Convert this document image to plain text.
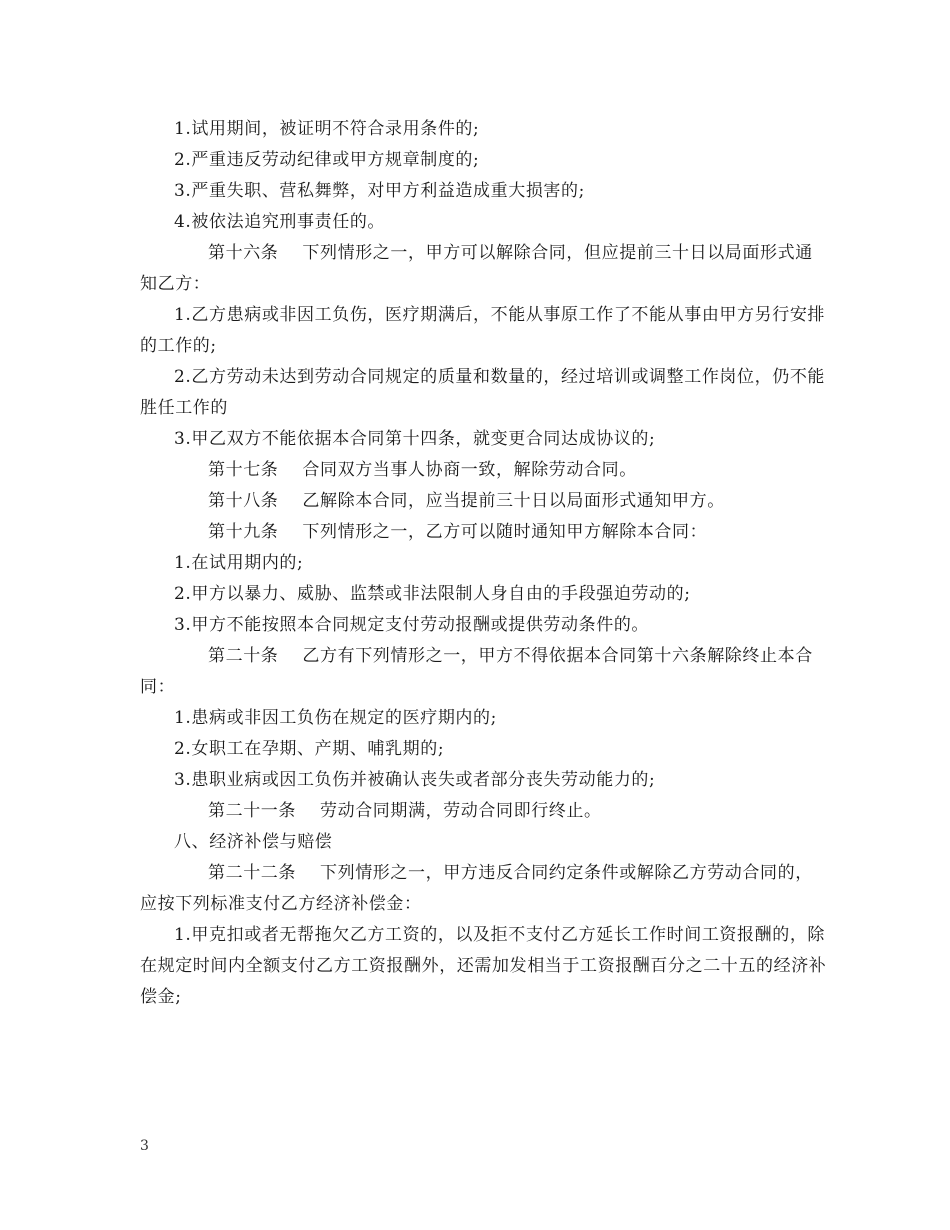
1.试用期间，被证明不符合录用条件的;

2.严重违反劳动纪律或甲方规章制度的;

3.严重失职、营私舞弊，对甲方利益造成重大损害的;

4.被依法追究刑事责任的。

第十六条 下列情形之一，甲方可以解除合同，但应提前三十日以局面形式通知乙方：

1.乙方患病或非因工负伤，医疗期满后，不能从事原工作了不能从事由甲方另行安排的工作的;

2.乙方劳动未达到劳动合同规定的质量和数量的，经过培训或调整工作岗位，仍不能胜任工作的

3.甲乙双方不能依据本合同第十四条，就变更合同达成协议的;

第十七条 合同双方当事人协商一致，解除劳动合同。

第十八条 乙解除本合同，应当提前三十日以局面形式通知甲方。

第十九条 下列情形之一，乙方可以随时通知甲方解除本合同：

1.在试用期内的;

2.甲方以暴力、威胁、监禁或非法限制人身自由的手段强迫劳动的;

3.甲方不能按照本合同规定支付劳动报酬或提供劳动条件的。

第二十条 乙方有下列情形之一，甲方不得依据本合同第十六条解除终止本合同：

1.患病或非因工负伤在规定的医疗期内的;

2.女职工在孕期、产期、哺乳期的;

3.患职业病或因工负伤并被确认丧失或者部分丧失劳动能力的;

第二十一条 劳动合同期满，劳动合同即行终止。

八、经济补偿与赔偿

第二十二条 下列情形之一，甲方违反合同约定条件或解除乙方劳动合同的，应按下列标准支付乙方经济补偿金：

1.甲克扣或者无帮拖欠乙方工资的，以及拒不支付乙方延长工作时间工资报酬的，除在规定时间内全额支付乙方工资报酬外，还需加发相当于工资报酬百分之二十五的经济补偿金;

3
